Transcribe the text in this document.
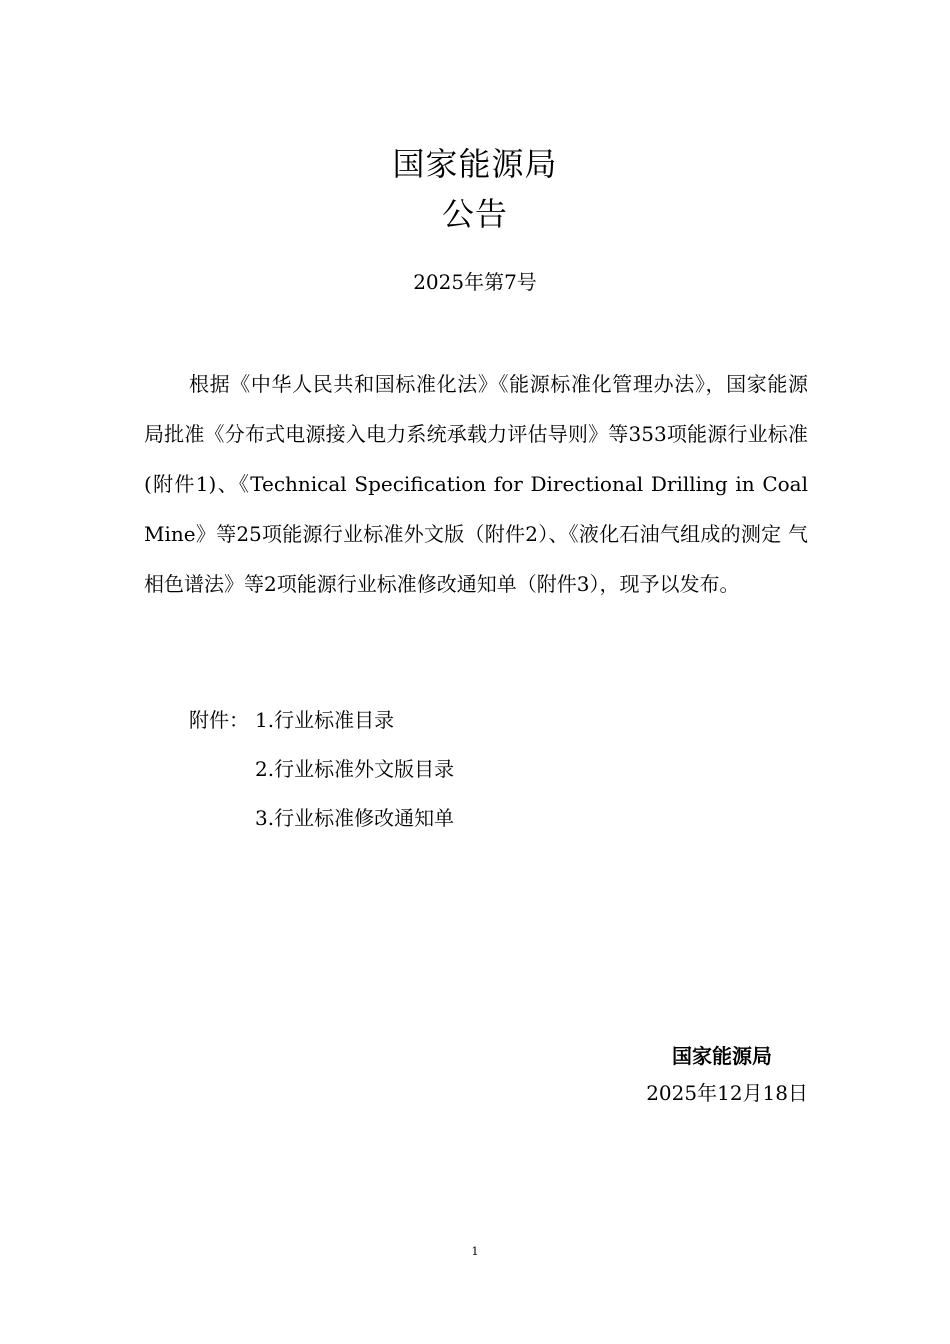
国家能源局
公告
2025年第7号

根据《中华人民共和国标准化法》《能源标准化管理办法》，国家能源局批准《分布式电源接入电力系统承载力评估导则》等353项能源行业标准(附件1)、《Technical Specification for Directional Drilling in Coal Mine》等25项能源行业标准外文版（附件2）、《液化石油气组成的测定 气相色谱法》等2项能源行业标准修改通知单（附件3），现予以发布。

附件： 1.行业标准目录
2.行业标准外文版目录
3.行业标准修改通知单
国家能源局
2025年12月18日
1
